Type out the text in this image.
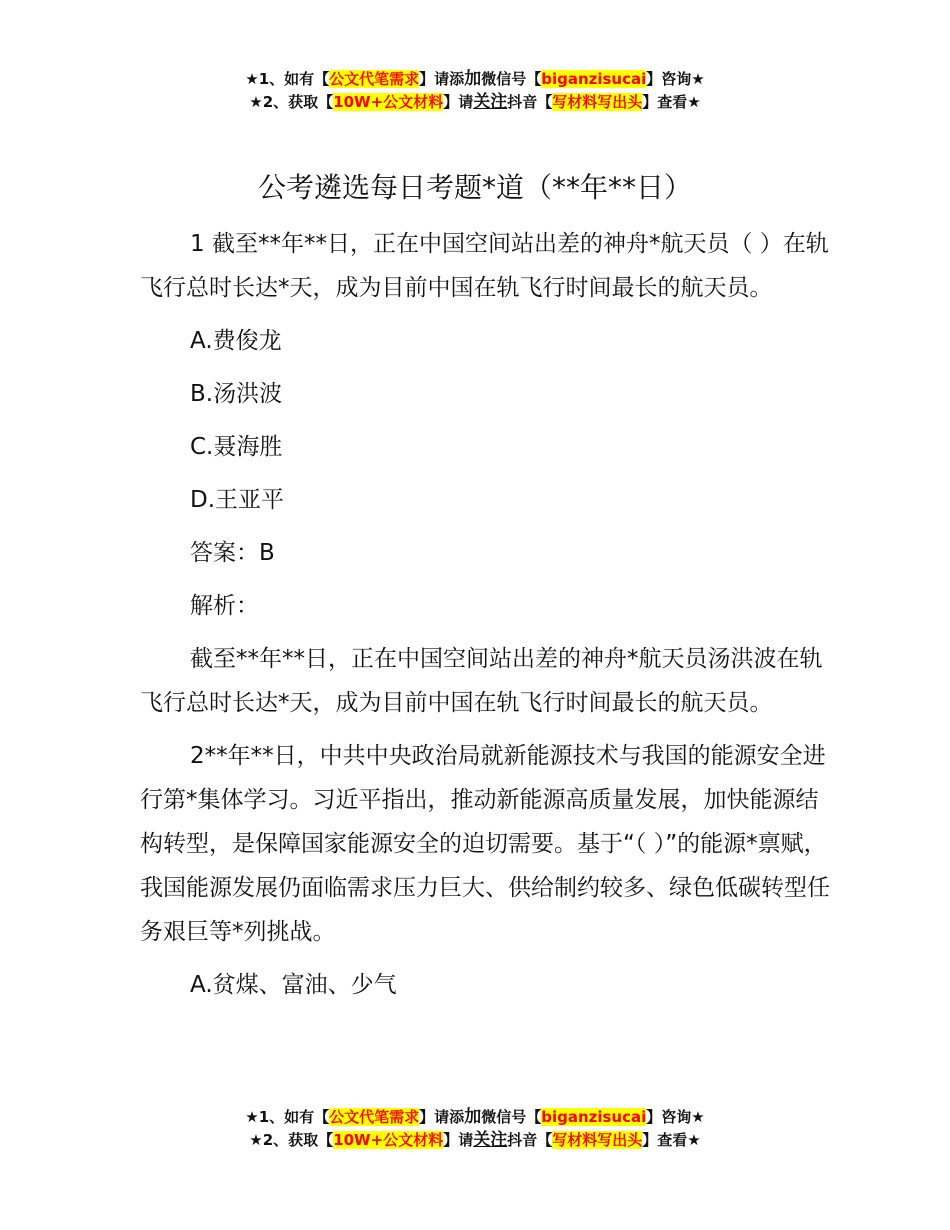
★1、如有【公文代笔需求】请添加微信号【biganzisucai】咨询★
★2、获取【10W+公文材料】请关注抖音【写材料写出头】查看★
公考遴选每日考题*道（**年**日）

1 截至**年**日，正在中国空间站出差的神舟*航天员（ ）在轨飞行总时长达*天，成为目前中国在轨飞行时间最长的航天员。

A.费俊龙

B.汤洪波

C.聂海胜

D.王亚平

答案：B

解析：

截至**年**日，正在中国空间站出差的神舟*航天员汤洪波在轨飞行总时长达*天，成为目前中国在轨飞行时间最长的航天员。

2**年**日，中共中央政治局就新能源技术与我国的能源安全进行第*集体学习。习近平指出，推动新能源高质量发展，加快能源结构转型，是保障国家能源安全的迫切需要。基于“（ ）”的能源*禀赋，我国能源发展仍面临需求压力巨大、供给制约较多、绿色低碳转型任务艰巨等*列挑战。

A.贫煤、富油、少气

★1、如有【公文代笔需求】请添加微信号【biganzisucai】咨询★
★2、获取【10W+公文材料】请关注抖音【写材料写出头】查看★
